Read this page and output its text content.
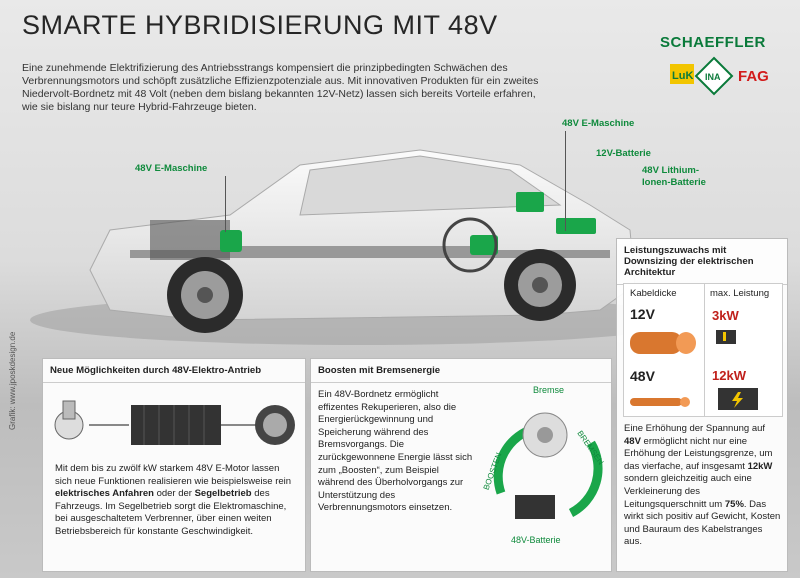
SMARTE HYBRIDISIERUNG MIT 48V
Eine zunehmende Elektrifizierung des Antriebsstrangs kompensiert die prinzipbedingten Schwächen des Verbrennungsmotors und schöpft zusätzliche Effizienzpotenziale aus. Mit innovativen Produkten für ein zweites Niedervolt-Bordnetz mit 48 Volt (neben dem bislang bekannten 12V-Netz) lassen sich bereits Vorteile erfahren, wie sie bislang nur teure Hybrid-Fahrzeuge bieten.
SCHAEFFLER
LuK INA FAG
48V E-Maschine
48V E-Maschine
12V-Batterie
48V Lithium-Ionen-Batterie
Leistungszuwachs mit Downsizing der elektrischen Architektur
Kabeldicke	max. Leistung
12V	3kW
48V	12kW

Eine Erhöhung der Spannung auf 48V ermöglicht nicht nur eine Erhöhung der Leistungsgrenze, um das vierfache, auf insgesamt 12kW sondern gleichzeitig auch eine Verkleinerung des Leitungsquerschnitt um 75%. Das wirkt sich positiv auf Gewicht, Kosten und Bauraum des Kabelstranges aus.

Neue Möglichkeiten durch 48V-Elektro-Antrieb

Mit dem bis zu zwölf kW starkem 48V E-Motor lassen sich neue Funktionen realisieren wie beispielsweise rein elektrisches Anfahren oder der Segelbetrieb des Fahrzeugs. Im Segelbetrieb sorgt die Elektromaschine, bei ausgeschaltetem Verbrenner, über einen weiten Betriebsbereich für konstante Geschwindigkeit.

Boosten mit Bremsenergie

Ein 48V-Bordnetz ermöglicht effizentes Rekuperieren, also die Energierückgewinnung und Speicherung während des Bremsvorgangs. Die zurückgewonnene Energie lässt sich zum „Boosten“, zum Beispiel während des Überholvorgangs zur Unterstützung des Verbrennungsmotors einsetzen.

Bremse
BOOSTEN
BREMSEN
48V-Batterie
Grafik: www.jposkdesign.de
